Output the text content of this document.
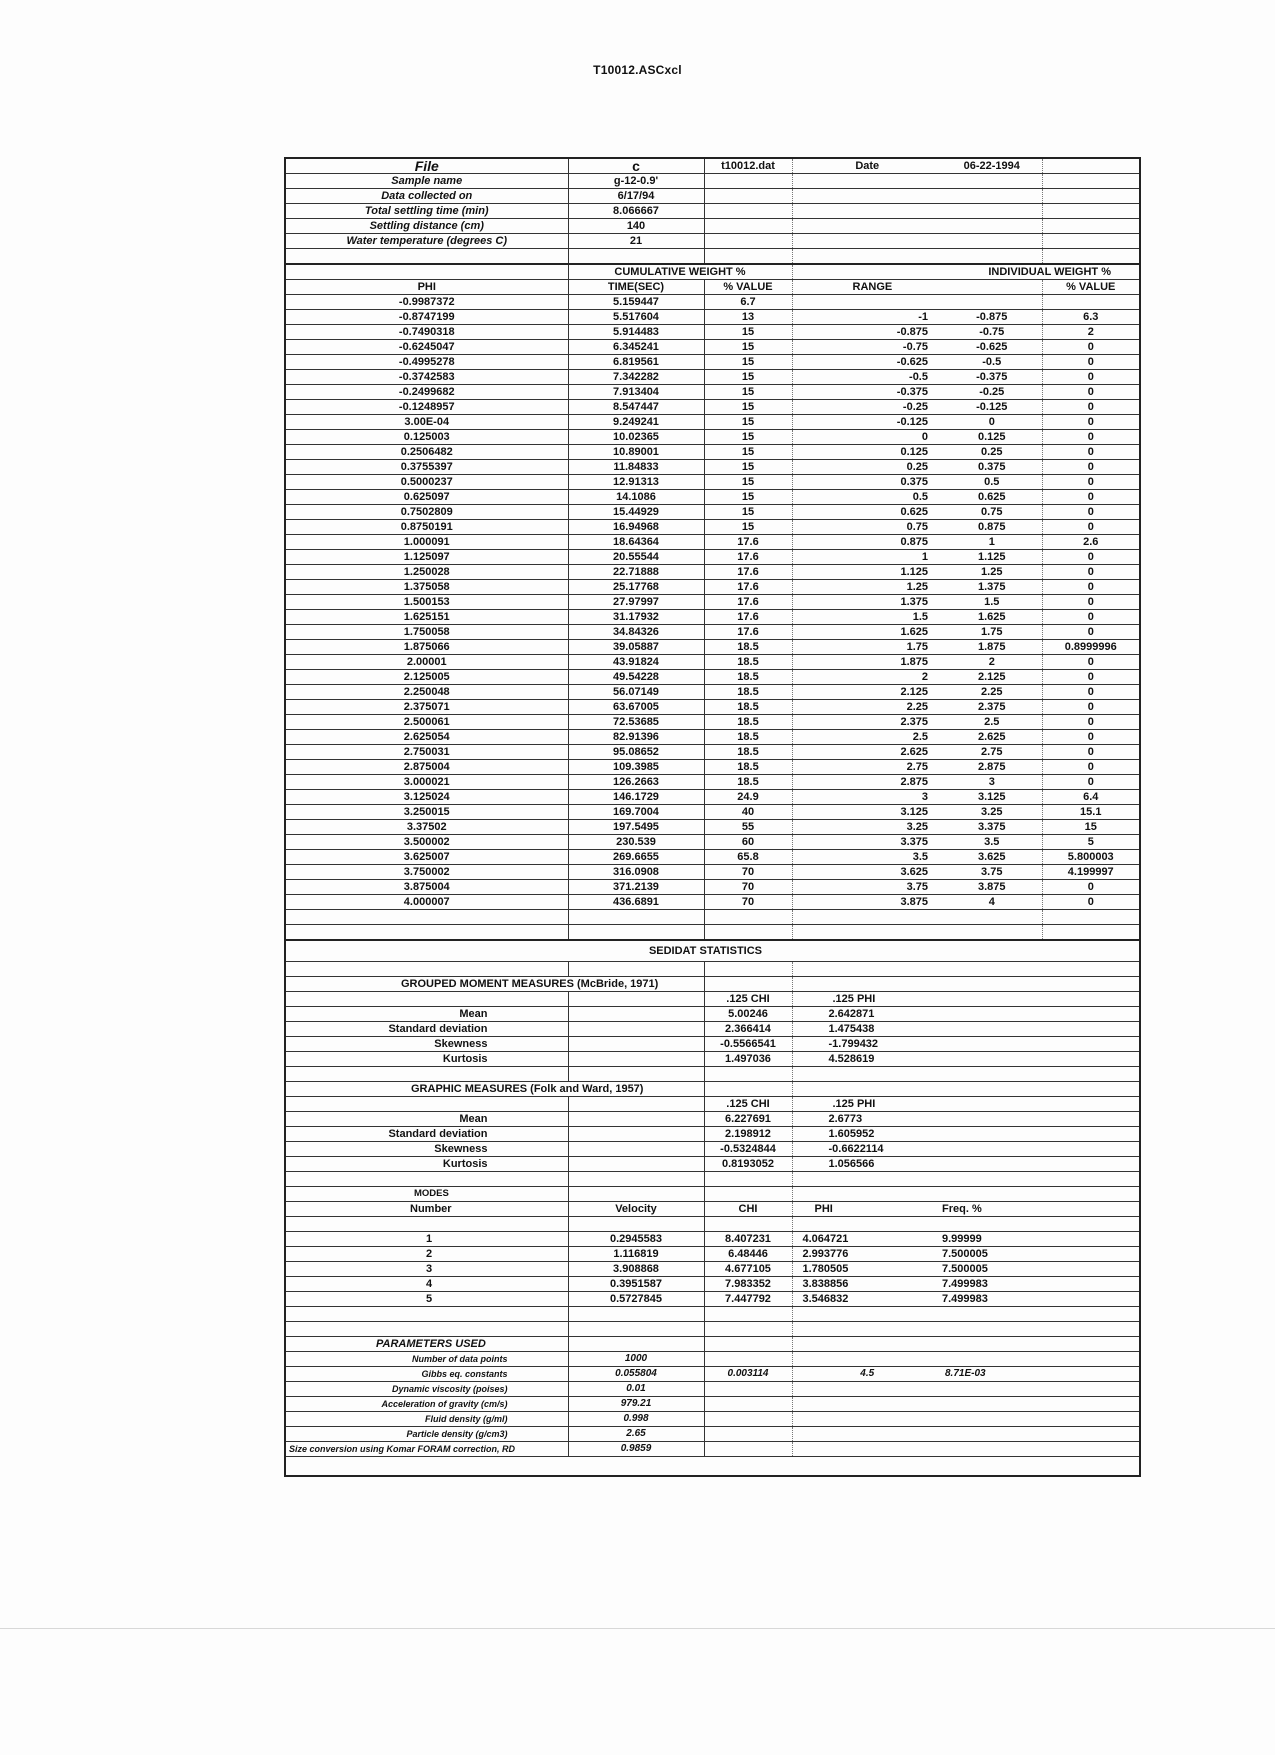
T10012.ASCxcl
File	c	t10012.dat	Date	06-22-1994	
Sample name	g-12-0.9'				
Data collected on	6/17/94				
Total settling time (min)	8.066667				
Settling distance (cm)	140				
Water temperature (degrees C)	21				

	CUMULATIVE WEIGHT %		INDIVIDUAL WEIGHT %		
PHI	TIME(SEC)	% VALUE	RANGE		% VALUE
-0.9987372	5.159447	6.7			
-0.8747199	5.517604	13	-1	-0.875	6.3
-0.7490318	5.914483	15	-0.875	-0.75	2
-0.6245047	6.345241	15	-0.75	-0.625	0
-0.4995278	6.819561	15	-0.625	-0.5	0
-0.3742583	7.342282	15	-0.5	-0.375	0
-0.2499682	7.913404	15	-0.375	-0.25	0
-0.1248957	8.547447	15	-0.25	-0.125	0
3.00E-04	9.249241	15	-0.125	0	0
0.125003	10.02365	15	0	0.125	0
0.2506482	10.89001	15	0.125	0.25	0
0.3755397	11.84833	15	0.25	0.375	0
0.5000237	12.91313	15	0.375	0.5	0
0.625097	14.1086	15	0.5	0.625	0
0.7502809	15.44929	15	0.625	0.75	0
0.8750191	16.94968	15	0.75	0.875	0
1.000091	18.64364	17.6	0.875	1	2.6
1.125097	20.55544	17.6	1	1.125	0
1.250028	22.71888	17.6	1.125	1.25	0
1.375058	25.17768	17.6	1.25	1.375	0
1.500153	27.97997	17.6	1.375	1.5	0
1.625151	31.17932	17.6	1.5	1.625	0
1.750058	34.84326	17.6	1.625	1.75	0
1.875066	39.05887	18.5	1.75	1.875	0.8999996
2.00001	43.91824	18.5	1.875	2	0
2.125005	49.54228	18.5	2	2.125	0
2.250048	56.07149	18.5	2.125	2.25	0
2.375071	63.67005	18.5	2.25	2.375	0
2.500061	72.53685	18.5	2.375	2.5	0
2.625054	82.91396	18.5	2.5	2.625	0
2.750031	95.08652	18.5	2.625	2.75	0
2.875004	109.3985	18.5	2.75	2.875	0
3.000021	126.2663	18.5	2.875	3	0
3.125024	146.1729	24.9	3	3.125	6.4
3.250015	169.7004	40	3.125	3.25	15.1
3.37502	197.5495	55	3.25	3.375	15
3.500002	230.539	60	3.375	3.5	5
3.625007	269.6655	65.8	3.5	3.625	5.800003
3.750002	316.0908	70	3.625	3.75	4.199997
3.875004	371.2139	70	3.75	3.875	0
4.000007	436.6891	70	3.875	4	0

SEDIDAT STATISTICS					

GROUPED MOMENT MEASURES (McBride, 1971)					
		.125 CHI	.125 PHI		
Mean		5.00246	2.642871		
Standard deviation		2.366414	1.475438		
Skewness		-0.5566541	-1.799432		
Kurtosis		1.497036	4.528619		

GRAPHIC MEASURES (Folk and Ward, 1957)					
		.125 CHI	.125 PHI		
Mean		6.227691	2.6773		
Standard deviation		2.198912	1.605952		
Skewness		-0.5324844	-0.6622114		
Kurtosis		0.8193052	1.056566		

MODES					
Number	Velocity	CHI	PHI	Freq. %	

1	0.2945583	8.407231	4.064721	9.99999	
2	1.116819	6.48446	2.993776	7.500005	
3	3.908868	4.677105	1.780505	7.500005	
4	0.3951587	7.983352	3.838856	7.499983	
5	0.5727845	7.447792	3.546832	7.499983	

PARAMETERS USED					
Number of data points	1000				
Gibbs eq. constants	0.055804	0.003114	4.5	8.71E-03	
Dynamic viscosity (poises)	0.01				
Acceleration of gravity (cm/s)	979.21				
Fluid density (g/ml)	0.998				
Particle density (g/cm3)	2.65				
Size conversion using Komar FORAM correction, RD	0.9859				
